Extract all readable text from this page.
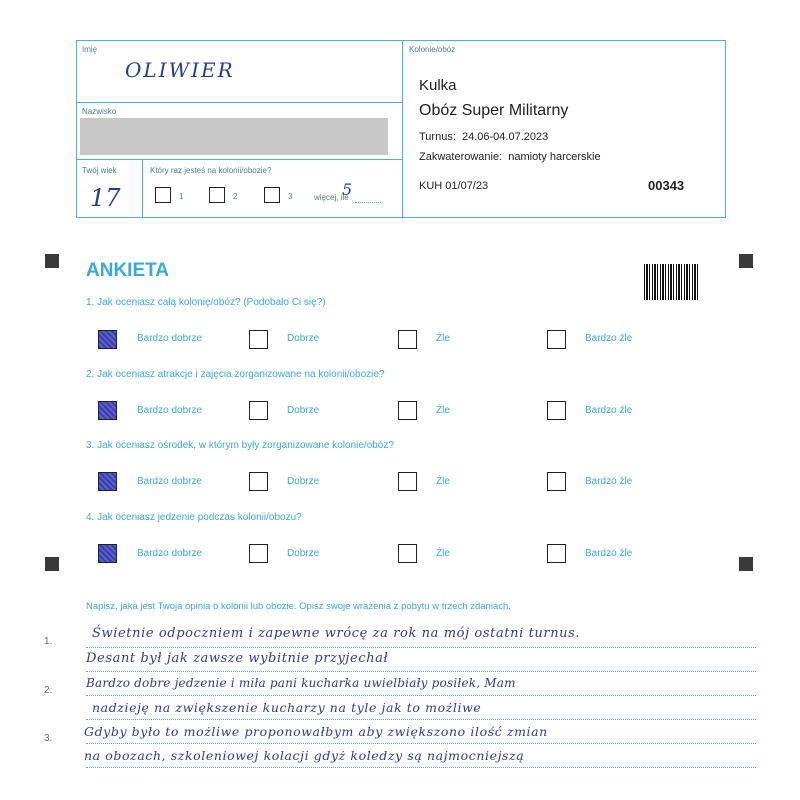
Imię
OLIWIER
Nazwisko
Twój wiek
17
Który raz jesteś na kolonii/obozie?
1	2	3	więcej, ile
5
Kolonie/obóz
Kulka
Obóz Super Militarny
Turnus:  24.06-04.07.2023
Zakwaterowanie:  namioty harcerskie
KUH 01/07/23	00343
ANKIETA
1. Jak oceniasz całą kolonię/obóz? (Podobało Ci się?)
2. Jak oceniasz atrakcje i zajęcia zorganizowane na kolonii/obozie?
3. Jak oceniasz ośrodek, w którym były zorganizowane kolonie/obóz?
4. Jak oceniasz jedzenie podczas kolonii/obozu?
Bardzo dobrze	Dobrze	Źle	Bardzo źle
Bardzo dobrze	Dobrze	Źle	Bardzo źle
Bardzo dobrze	Dobrze	Źle	Bardzo źle
Bardzo dobrze	Dobrze	Źle	Bardzo źle
Napisz, jaka jest Twoja opinia o kolonii lub obozie. Opisz swoje wrażenia z pobytu w trzech zdaniach.
1.
2.
3.
Świetnie odpoczniem i zapewne wrócę za rok na mój ostatni turnus.
Desant był jak zawsze wybitnie przyjechał
Bardzo dobre jedzenie i miła pani kucharka uwielbiały posiłek, Mam
nadzieję na zwiększenie kucharzy na tyle jak to możliwe
Gdyby było to możliwe proponowałbym aby zwiększono ilość zmian
na obozach, szkoleniowej kolacji gdyż koledzy są najmocniejszą
